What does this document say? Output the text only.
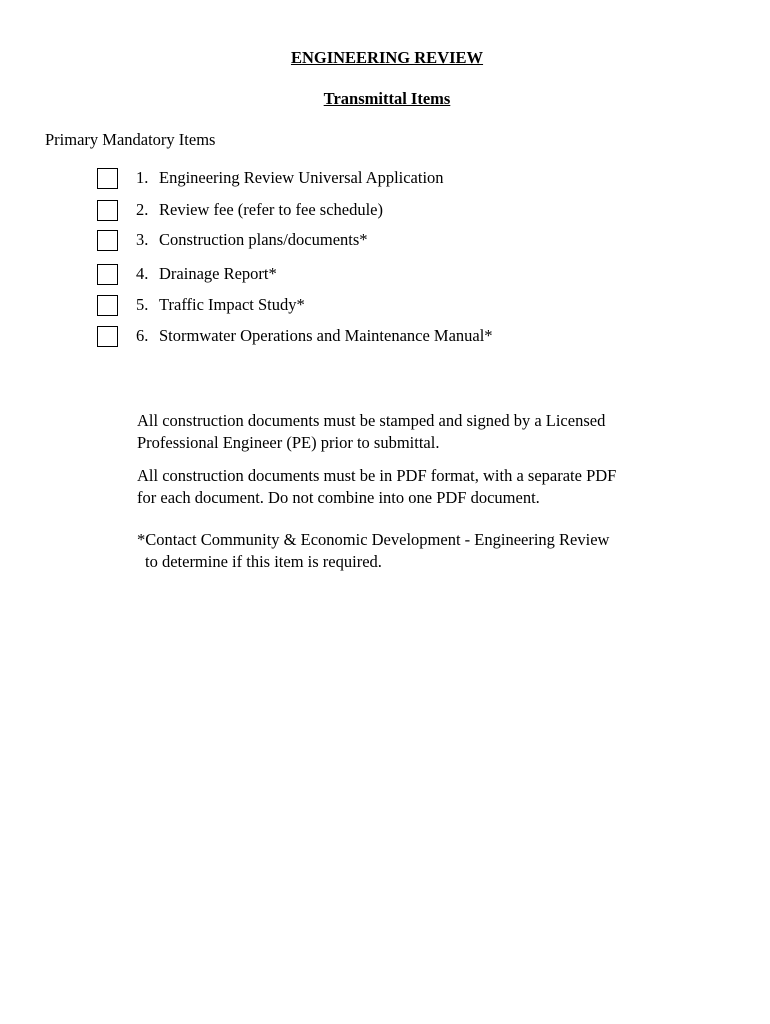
ENGINEERING REVIEW
Transmittal Items

Primary Mandatory Items

1. Engineering Review Universal Application
2. Review fee (refer to fee schedule)
3. Construction plans/documents*
4. Drainage Report*
5. Traffic Impact Study*
6. Stormwater Operations and Maintenance Manual*

All construction documents must be stamped and signed by a Licensed
Professional Engineer (PE) prior to submittal.

All construction documents must be in PDF format, with a separate PDF
for each document. Do not combine into one PDF document.

*Contact Community & Economic Development - Engineering Review
to determine if this item is required.
